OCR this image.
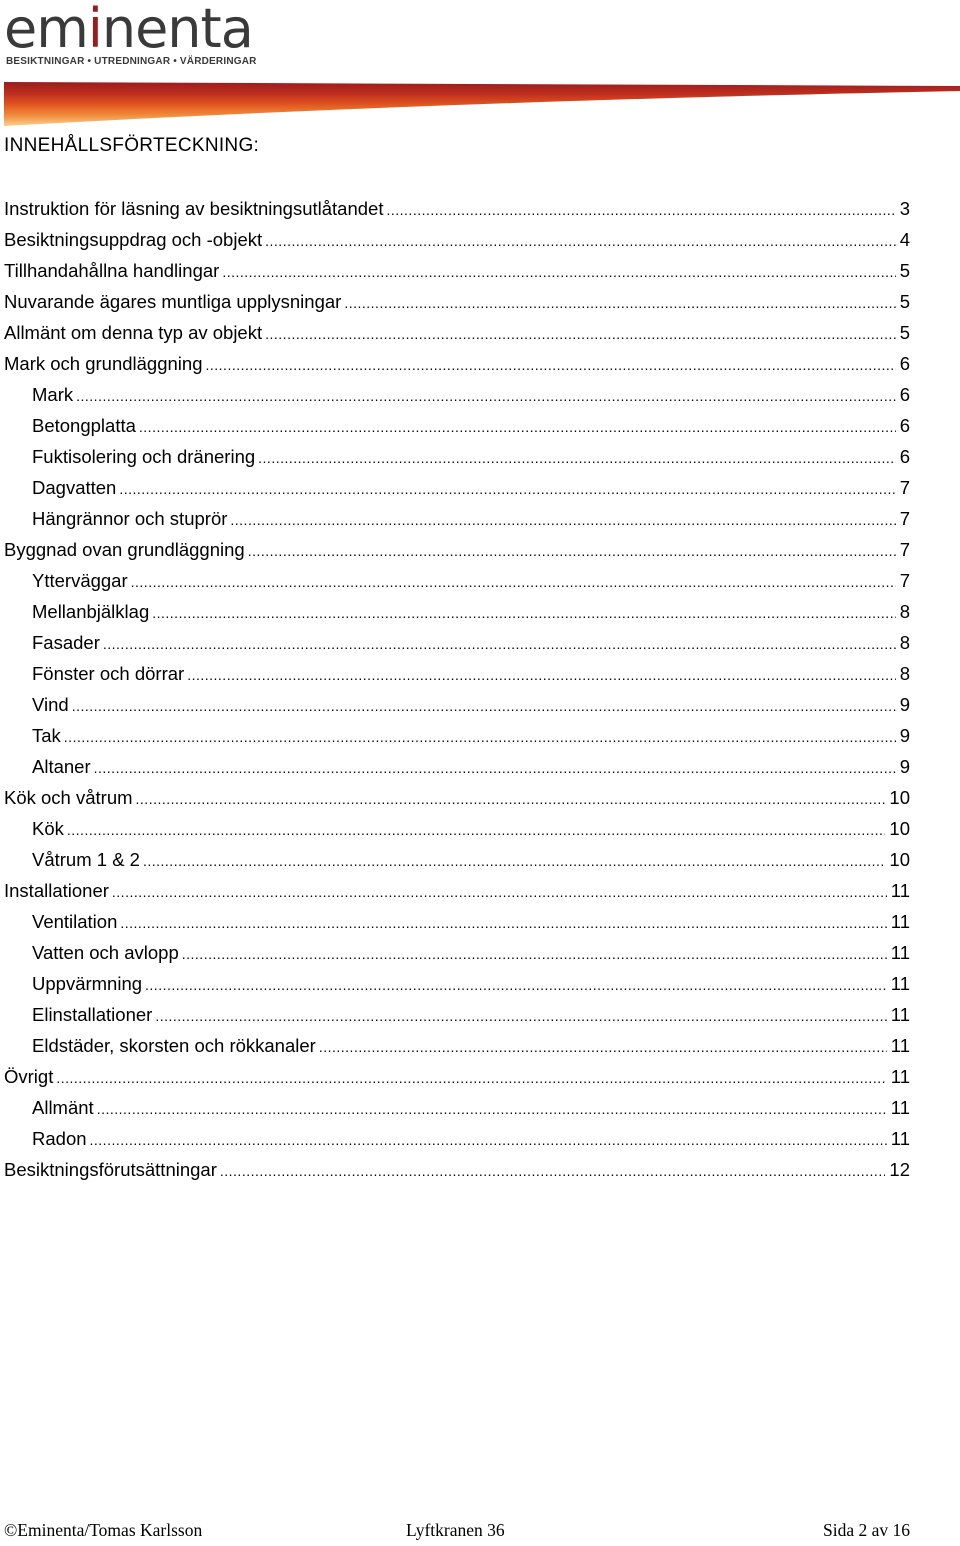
eminenta
BESIKTNINGAR • UTREDNINGAR • VÄRDERINGAR
INNEHÅLLSFÖRTECKNING:
Instruktion för läsning av besiktningsutlåtandet .....	3
Besiktningsuppdrag och -objekt .....	4
Tillhandahållna handlingar .....	5
Nuvarande ägares muntliga upplysningar .....	5
Allmänt om denna typ av objekt .....	5
Mark och grundläggning .....	6
Mark .....	6
Betongplatta .....	6
Fuktisolering och dränering .....	6
Dagvatten .....	7
Hängrännor och stuprör .....	7
Byggnad ovan grundläggning .....	7
Ytterväggar .....	7
Mellanbjälklag .....	8
Fasader .....	8
Fönster och dörrar .....	8
Vind .....	9
Tak .....	9
Altaner .....	9
Kök och våtrum .....	10
Kök .....	10
Våtrum 1 & 2 .....	10
Installationer .....	11
Ventilation .....	11
Vatten och avlopp .....	11
Uppvärmning .....	11
Elinstallationer .....	11
Eldstäder, skorsten och rökkanaler .....	11
Övrigt .....	11
Allmänt .....	11
Radon .....	11
Besiktningsförutsättningar .....	12
©Eminenta/Tomas Karlsson	Lyftkranen 36	Sida 2 av 16
